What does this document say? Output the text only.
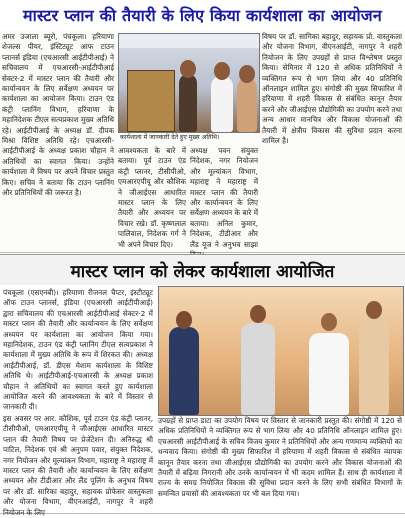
मास्टर प्लान की तैयारी के लिए किया कार्यशाला का आयोजन

अमर उजाला ब्यूरो, पंचकूला। हरियाणा शेजल्स पीयर, इंस्टिट्यूट आफ टाउन प्लानर्स इंडिया (एचआरसी आईटीपीआई) ने सचिवालय में एचआरसी-आईटीपीआई सेक्टर-2 में मास्टर प्लान की तैयारी और कार्यान्वयन के लिए सर्वेक्षण अध्ययन पर कार्यशाला का आयोजन किया। टाउन एंड कंट्री प्लानिंग विभाग, हरियाणा के महानिदेशक टीएल सत्यप्रकाश मुख्य अतिथि रहे। आईटीपीआई के अध्यक्ष डॉ. दीपक मिश्रा विशिष्ट अतिथि रहे। एचआरसी-आईटीपीआई के अध्यक्ष प्रकाश चौहान ने अतिथियों का स्वागत किया। उन्होंने कार्यशाला में विषय पर अपने विचार प्रस्तुत किए। सचिव ने बताया कि टाउन प्लानिंग और प्रतिनिधियों की जरूरत है।

कार्यशाला में जानकारी देते हुए मुख्य अतिथि।

आवश्यकता के बारे में बताया। पूर्व टाउन एंड कंट्री प्लानर, टीसीपीओ, एमआरएपीयू और कौशिक ने जीआईएस आधारित मास्टर प्लान के लिए तैयारी और अध्ययन पर विचार रखे। डॉ. कृष्णलाल पालिवाल, निदेशक गर्ग ने भी अपने विचार दिए।

अध्यक्ष पवन संयुक्त निदेशक, नगर नियोजन और मूल्यांकन विभाग, महाराष्ट्र ने महाराष्ट्र में मास्टर प्लान की तैयारी और कार्यान्वयन के लिए सर्वेक्षण अध्ययन के बारे में बताया। अनिल कुमार, निदेशक, टीडीआर और लैंड यूज ने अनुभव साझा

विषय पर डॉ. सागिका बहादुर, सहायक प्रो. वास्तुकला और योजना विभाग, वीएनआईटी, नागपुर ने शहरी नियोजन के लिए उपग्रहों से प्राप्त विश्लेषण प्रस्तुत किया। सेमिनार में 120 से अधिक प्रतिनिधियों ने व्यक्तिगत रूप से भाग लिया और 40 प्रतिनिधि ऑनलाइन शामिल हुए। संगोष्ठी की मुख्य सिफारिश में हरियाणा में शहरी विकास से संबंधित कानून तैयार करने और जीआईएस प्रौद्योगिकी का उपयोग करने तथा अन्य आधार मानचित्र और विकास योजनाओं की तैयारी में क्षेत्रीय विकास की सुविधा प्रदान करना शामिल है।

मास्टर प्लान को लेकर कार्यशाला आयोजित

पंचकूला (एसएनबी)। हरियाणा रीजनल चैप्टर, इंस्टीट्यूट ऑफ टाउन प्लानर्स, इंडिया (एचआरसी आईटीपीआई) द्वारा सचिवालय की एचआरसी आईटीपीआई सेक्टर-2 में मास्टर प्लान की तैयारी और कार्यान्वयन के लिए सर्वेक्षण अध्ययन पर कार्यशाला का आयोजन किया गया। महानिदेशक, टाउन एंड कंट्री प्लानिंग टीएल सत्यप्रकाश ने कार्यशाला में मुख्य अतिथि के रूप में शिरकत की। अध्यक्ष आईटीपीआई, डॉ. डीएस मेशाम कार्यशाला के विशिष्ट अतिथि थे। आईटीपीआई-एचआरसी के अध्यक्ष प्रकाश चौहान ने अतिथियों का स्वागत करते हुए कार्यशाला आयोजित करने की आवश्यकता के बारे में विस्तार से जानकारी दी।

इस अवसर पर आर. कौशिक, पूर्व टाउन एंड कंट्री प्लानर, टीसीपीओ, एमआरएपीयू ने जीआईएस आधारित मास्टर प्लान की तैयारी विषय पर प्रेजेंटेशन दी। अनिरुद्ध श्री पाटिल, निदेशक एवं श्री अनुपम पवार, संयुक्त निदेशक, नगर नियोजन और मूल्यांकन विभाग, महाराष्ट्र ने महाराष्ट्र में मास्टर प्लान की तैयारी और कार्यान्वयन के लिए सर्वेक्षण अध्ययन और टीडीआर और लैंड पूलिंग के अनुभव विषय पर और डॉ. सारिका बहादुर, सहायक प्रोफेसर वास्तुकला और योजना विभाग, वीएनआईटी, नागपुर ने शहरी नियोजन के लिए

उपग्रहों से प्राप्त डाटा का उपयोग विषय पर विस्तार से जानकारी प्रस्तुत की। संगोष्ठी में 120 से अधिक प्रतिनिधियों ने व्यक्तिगत रूप से भाग लिया और 40 प्रतिनिधि ऑनलाइन शामिल हुए। एचआरसी आईटीपीआई के सचिव विजय कुमार ने प्रतिनिधियों और अन्य गणमान्य व्यक्तियों का धन्यवाद किया। संगोष्ठी की मुख्य सिफारिश में हरियाणा में शहरी विकास से संबंधित व्यापक कानून तैयार करना तथा जीआईएस प्रौद्योगिकी का उपयोग करने और विकास योजनाओं की तैयारी में बढ़िया निगरानी और उनके कार्यान्वयन में भी कदम शामिल हैं। साथ ही कार्यशाला में राज्य के समग्र नियोजित विकास की सुविधा प्रदान करने के लिए सभी संबंधित विभागों के समन्वित प्रयासों की आवश्यकता पर भी बल दिया गया।
